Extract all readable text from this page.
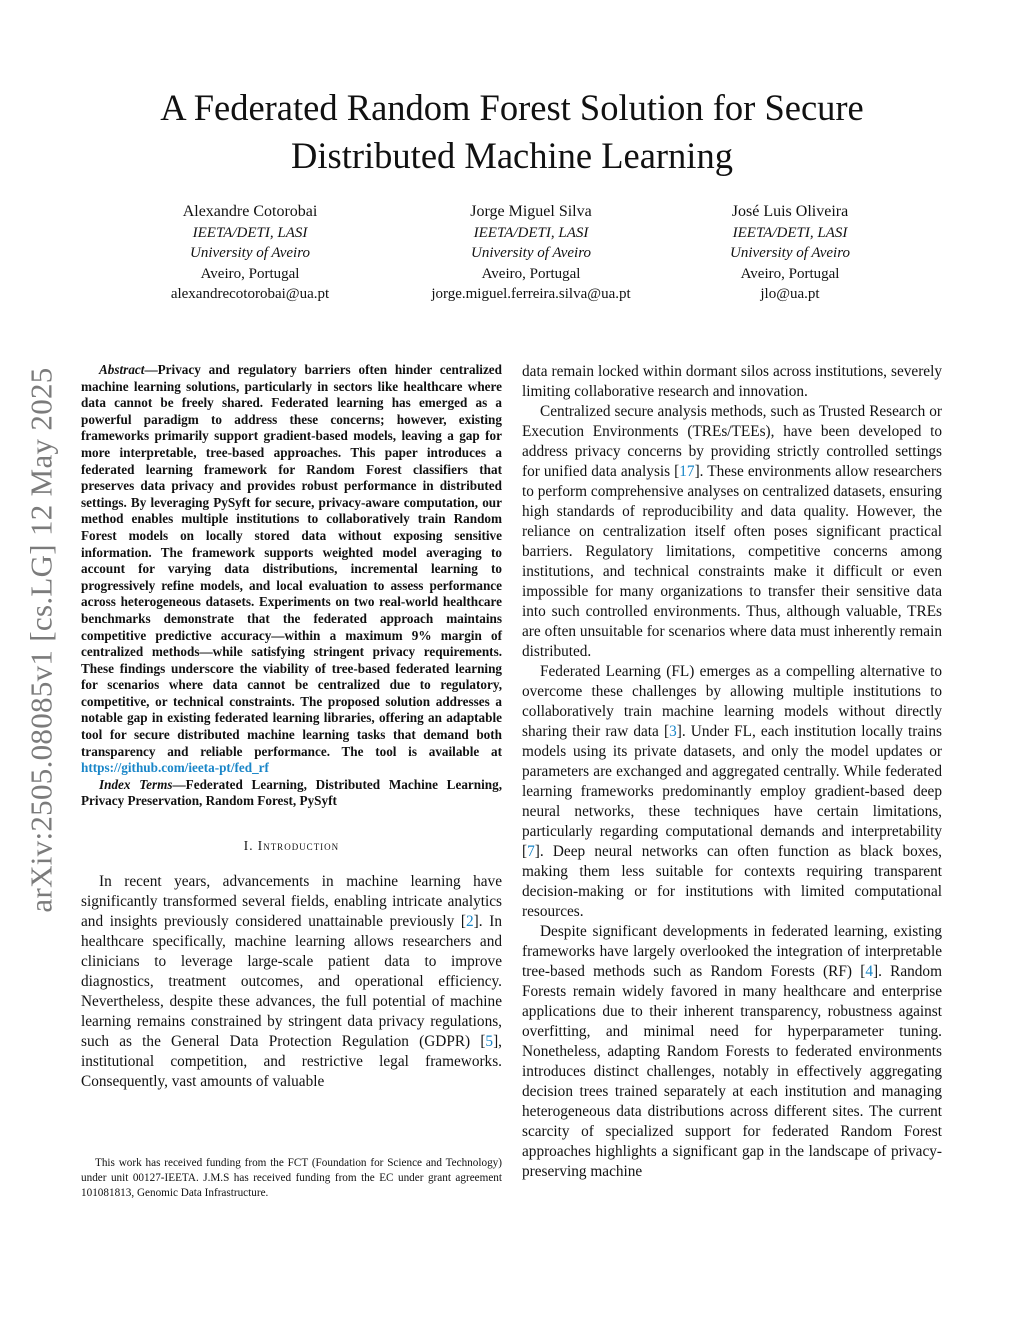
arXiv:2505.08085v1 [cs.LG] 12 May 2025
A Federated Random Forest Solution for Secure Distributed Machine Learning
Alexandre Cotorobai
IEETA/DETI, LASI
University of Aveiro
Aveiro, Portugal
alexandrecotorobai@ua.pt
Jorge Miguel Silva
IEETA/DETI, LASI
University of Aveiro
Aveiro, Portugal
jorge.miguel.ferreira.silva@ua.pt
José Luis Oliveira
IEETA/DETI, LASI
University of Aveiro
Aveiro, Portugal
jlo@ua.pt

Abstract—Privacy and regulatory barriers often hinder centralized machine learning solutions, particularly in sectors like healthcare where data cannot be freely shared. Federated learning has emerged as a powerful paradigm to address these concerns; however, existing frameworks primarily support gradient-based models, leaving a gap for more interpretable, tree-based approaches. This paper introduces a federated learning framework for Random Forest classifiers that preserves data privacy and provides robust performance in distributed settings. By leveraging PySyft for secure, privacy-aware computation, our method enables multiple institutions to collaboratively train Random Forest models on locally stored data without exposing sensitive information. The framework supports weighted model averaging to account for varying data distributions, incremental learning to progressively refine models, and local evaluation to assess performance across heterogeneous datasets. Experiments on two real-world healthcare benchmarks demonstrate that the federated approach maintains competitive predictive accuracy—within a maximum 9% margin of centralized methods—while satisfying stringent privacy requirements. These findings underscore the viability of tree-based federated learning for scenarios where data cannot be centralized due to regulatory, competitive, or technical constraints. The proposed solution addresses a notable gap in existing federated learning libraries, offering an adaptable tool for secure distributed machine learning tasks that demand both transparency and reliable performance. The tool is available at https://github.com/ieeta-pt/fed_rf

Index Terms—Federated Learning, Distributed Machine Learning, Privacy Preservation, Random Forest, PySyft

I. Introduction

In recent years, advancements in machine learning have significantly transformed several fields, enabling intricate analytics and insights previously considered unattainable previously [2]. In healthcare specifically, machine learning allows researchers and clinicians to leverage large-scale patient data to improve diagnostics, treatment outcomes, and operational efficiency. Nevertheless, despite these advances, the full potential of machine learning remains constrained by stringent data privacy regulations, such as the General Data Protection Regulation (GDPR) [5], institutional competition, and restrictive legal frameworks. Consequently, vast amounts of valuable

This work has received funding from the FCT (Foundation for Science and Technology) under unit 00127-IEETA. J.M.S has received funding from the EC under grant agreement 101081813, Genomic Data Infrastructure.

data remain locked within dormant silos across institutions, severely limiting collaborative research and innovation.

Centralized secure analysis methods, such as Trusted Research or Execution Environments (TREs/TEEs), have been developed to address privacy concerns by providing strictly controlled settings for unified data analysis [17]. These environments allow researchers to perform comprehensive analyses on centralized datasets, ensuring high standards of reproducibility and data quality. However, the reliance on centralization itself often poses significant practical barriers. Regulatory limitations, competitive concerns among institutions, and technical constraints make it difficult or even impossible for many organizations to transfer their sensitive data into such controlled environments. Thus, although valuable, TREs are often unsuitable for scenarios where data must inherently remain distributed.

Federated Learning (FL) emerges as a compelling alternative to overcome these challenges by allowing multiple institutions to collaboratively train machine learning models without directly sharing their raw data [3]. Under FL, each institution locally trains models using its private datasets, and only the model updates or parameters are exchanged and aggregated centrally. While federated learning frameworks predominantly employ gradient-based deep neural networks, these techniques have certain limitations, particularly regarding computational demands and interpretability [7]. Deep neural networks can often function as black boxes, making them less suitable for contexts requiring transparent decision-making or for institutions with limited computational resources.

Despite significant developments in federated learning, existing frameworks have largely overlooked the integration of interpretable tree-based methods such as Random Forests (RF) [4]. Random Forests remain widely favored in many healthcare and enterprise applications due to their inherent transparency, robustness against overfitting, and minimal need for hyperparameter tuning. Nonetheless, adapting Random Forests to federated environments introduces distinct challenges, notably in effectively aggregating decision trees trained separately at each institution and managing heterogeneous data distributions across different sites. The current scarcity of specialized support for federated Random Forest approaches highlights a significant gap in the landscape of privacy-preserving machine
